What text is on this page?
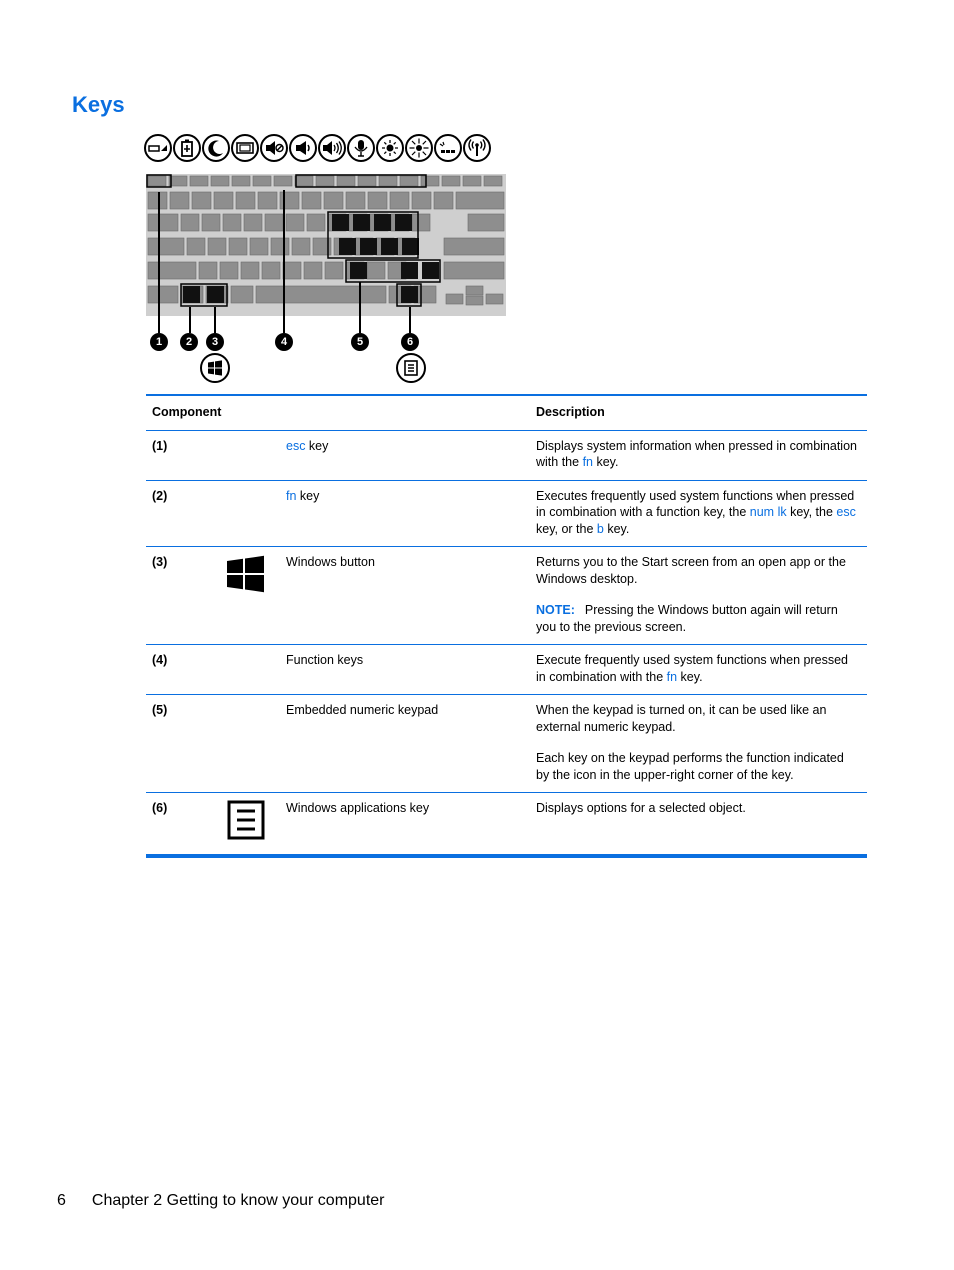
Keys
1	2	3	4	5	6
Component	Description
(1)	esc key	Displays system information when pressed in combination with the fn key.
(2)	fn key	Executes frequently used system functions when pressed in combination with a function key, the num lk key, the esc key, or the b key.
(3)	Windows button	Returns you to the Start screen from an open app or the Windows desktop.
NOTE: Pressing the Windows button again will return you to the previous screen.
(4)	Function keys	Execute frequently used system functions when pressed in combination with the fn key.
(5)	Embedded numeric keypad	When the keypad is turned on, it can be used like an external numeric keypad.
Each key on the keypad performs the function indicated by the icon in the upper-right corner of the key.
(6)	Windows applications key	Displays options for a selected object.
6 Chapter 2 Getting to know your computer
